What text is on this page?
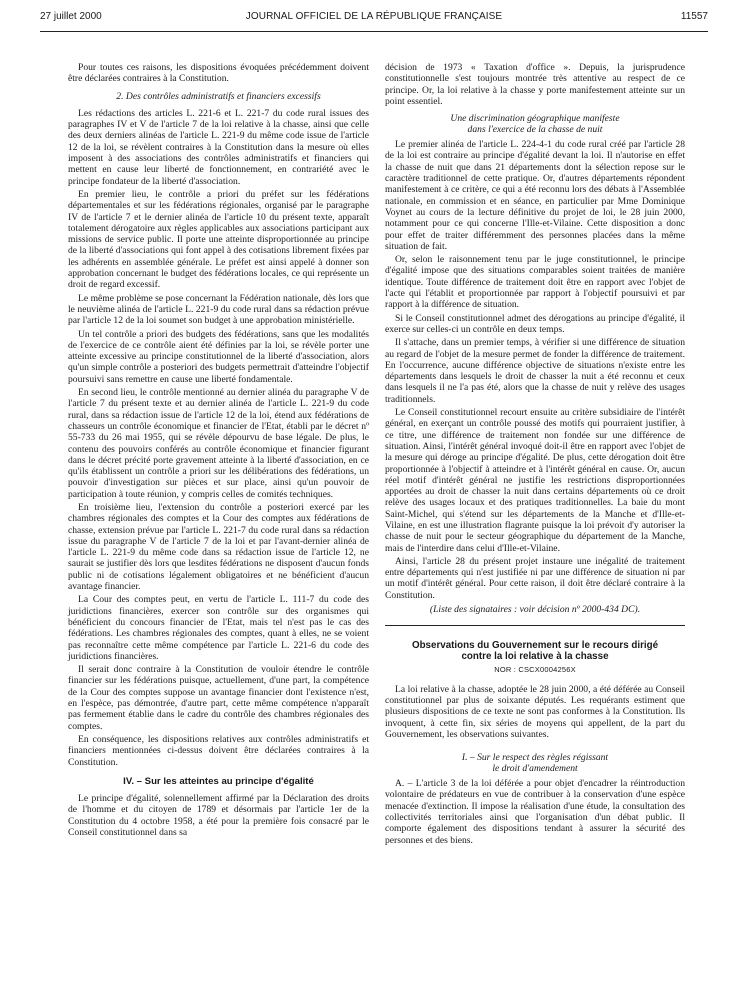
27 juillet 2000	JOURNAL OFFICIEL DE LA RÉPUBLIQUE FRANÇAISE	11557

Pour toutes ces raisons, les dispositions évoquées précédemment doivent être déclarées contraires à la Constitution.

2. Des contrôles administratifs et financiers excessifs

Les rédactions des articles L. 221-6 et L. 221-7 du code rural issues des paragraphes IV et V de l'article 7 de la loi relative à la chasse, ainsi que celle des deux derniers alinéas de l'article L. 221-9 du même code issue de l'article 12 de la loi, se révèlent contraires à la Constitution dans la mesure où elles imposent à des associations des contrôles administratifs et financiers qui mettent en cause leur liberté de fonctionnement, en contrariété avec le principe fondateur de la liberté d'association.

En premier lieu, le contrôle a priori du préfet sur les fédérations départementales et sur les fédérations régionales, organisé par le paragraphe IV de l'article 7 et le dernier alinéa de l'article 10 du présent texte, apparaît totalement dérogatoire aux règles applicables aux associations participant aux missions de service public. Il porte une atteinte disproportionnée au principe de la liberté d'associations qui font appel à des cotisations librement fixées par les adhérents en assemblée générale. Le préfet est ainsi appelé à donner son approbation concernant le budget des fédérations locales, ce qui représente un droit de regard excessif.

Le même problème se pose concernant la Fédération nationale, dès lors que le neuvième alinéa de l'article L. 221-9 du code rural dans sa rédaction prévue par l'article 12 de la loi soumet son budget à une approbation ministérielle.

Un tel contrôle a priori des budgets des fédérations, sans que les modalités de l'exercice de ce contrôle aient été définies par la loi, se révèle porter une atteinte excessive au principe constitutionnel de la liberté d'association, alors qu'un simple contrôle a posteriori des budgets permettrait d'atteindre l'objectif poursuivi sans remettre en cause une liberté fondamentale.

En second lieu, le contrôle mentionné au dernier alinéa du paragraphe V de l'article 7 du présent texte et au dernier alinéa de l'article L. 221-9 du code rural, dans sa rédaction issue de l'article 12 de la loi, étend aux fédérations de chasseurs un contrôle économique et financier de l'Etat, établi par le décret nº 55-733 du 26 mai 1955, qui se révèle dépourvu de base légale. De plus, le contenu des pouvoirs conférés au contrôle économique et financier figurant dans le décret précité porte gravement atteinte à la liberté d'association, en ce qu'ils établissent un contrôle a priori sur les délibérations des fédérations, un pouvoir d'investigation sur pièces et sur place, ainsi qu'un pouvoir de participation à toute réunion, y compris celles de comités techniques.

En troisième lieu, l'extension du contrôle a posteriori exercé par les chambres régionales des comptes et la Cour des comptes aux fédérations de chasse, extension prévue par l'article L. 221-7 du code rural dans sa rédaction issue du paragraphe V de l'article 7 de la loi et par l'avant-dernier alinéa de l'article L. 221-9 du même code dans sa rédaction issue de l'article 12, ne saurait se justifier dès lors que lesdites fédérations ne disposent d'aucun fonds public ni de cotisations légalement obligatoires et ne bénéficient d'aucun avantage financier.

La Cour des comptes peut, en vertu de l'article L. 111-7 du code des juridictions financières, exercer son contrôle sur des organismes qui bénéficient du concours financier de l'Etat, mais tel n'est pas le cas des fédérations. Les chambres régionales des comptes, quant à elles, ne se voient pas reconnaître cette même compétence par l'article L. 221-6 du code des juridictions financières.

Il serait donc contraire à la Constitution de vouloir étendre le contrôle financier sur les fédérations puisque, actuellement, d'une part, la compétence de la Cour des comptes suppose un avantage financier dont l'existence n'est, en l'espèce, pas démontrée, d'autre part, cette même compétence n'apparaît pas fermement établie dans le cadre du contrôle des chambres régionales des comptes.

En conséquence, les dispositions relatives aux contrôles administratifs et financiers mentionnées ci-dessus doivent être déclarées contraires à la Constitution.

IV. – Sur les atteintes au principe d'égalité

Le principe d'égalité, solennellement affirmé par la Déclaration des droits de l'homme et du citoyen de 1789 et désormais par l'article 1er de la Constitution du 4 octobre 1958, a été pour la première fois consacré par le Conseil constitutionnel dans sa

décision de 1973 « Taxation d'office ». Depuis, la jurisprudence constitutionnelle s'est toujours montrée très attentive au respect de ce principe. Or, la loi relative à la chasse y porte manifestement atteinte sur un point essentiel.

Une discrimination géographique manifeste
dans l'exercice de la chasse de nuit

Le premier alinéa de l'article L. 224-4-1 du code rural créé par l'article 28 de la loi est contraire au principe d'égalité devant la loi. Il n'autorise en effet la chasse de nuit que dans 21 départements dont la sélection repose sur le caractère traditionnel de cette pratique. Or, d'autres départements répondent manifestement à ce critère, ce qui a été reconnu lors des débats à l'Assemblée nationale, en commission et en séance, en particulier par Mme Dominique Voynet au cours de la lecture définitive du projet de loi, le 28 juin 2000, notamment pour ce qui concerne l'Ille-et-Vilaine. Cette disposition a donc pour effet de traiter différemment des personnes placées dans la même situation de fait.

Or, selon le raisonnement tenu par le juge constitutionnel, le principe d'égalité impose que des situations comparables soient traitées de manière identique. Toute différence de traitement doit être en rapport avec l'objet de l'acte qui l'établit et proportionnée par rapport à l'objectif poursuivi et par rapport à la différence de situation.

Si le Conseil constitutionnel admet des dérogations au principe d'égalité, il exerce sur celles-ci un contrôle en deux temps.

Il s'attache, dans un premier temps, à vérifier si une différence de situation au regard de l'objet de la mesure permet de fonder la différence de traitement. En l'occurrence, aucune différence objective de situations n'existe entre les départements dans lesquels le droit de chasser la nuit a été reconnu et ceux dans lesquels il ne l'a pas été, alors que la chasse de nuit y relève des usages traditionnels.

Le Conseil constitutionnel recourt ensuite au critère subsidiaire de l'intérêt général, en exerçant un contrôle poussé des motifs qui pourraient justifier, à ce titre, une différence de traitement non fondée sur une différence de situation. Ainsi, l'intérêt général invoqué doit-il être en rapport avec l'objet de la mesure qui déroge au principe d'égalité. De plus, cette dérogation doit être proportionnée à l'objectif à atteindre et à l'intérêt général en cause. Or, aucun réel motif d'intérêt général ne justifie les restrictions disproportionnées apportées au droit de chasser la nuit dans certains départements où ce droit relève des usages locaux et des pratiques traditionnelles. La baie du mont Saint-Michel, qui s'étend sur les départements de la Manche et d'Ille-et-Vilaine, en est une illustration flagrante puisque la loi prévoit d'y autoriser la chasse de nuit pour le secteur géographique du département de la Manche, mais de l'interdire dans celui d'Ille-et-Vilaine.

Ainsi, l'article 28 du présent projet instaure une inégalité de traitement entre départements qui n'est justifiée ni par une différence de situation ni par un motif d'intérêt général. Pour cette raison, il doit être déclaré contraire à la Constitution.

(Liste des signataires : voir décision nº 2000-434 DC).
Observations du Gouvernement sur le recours dirigé
contre la loi relative à la chasse
NOR : CSCX0004256X

La loi relative à la chasse, adoptée le 28 juin 2000, a été déférée au Conseil constitutionnel par plus de soixante députés. Les requérants estiment que plusieurs dispositions de ce texte ne sont pas conformes à la Constitution. Ils invoquent, à cette fin, six séries de moyens qui appellent, de la part du Gouvernement, les observations suivantes.

I. – Sur le respect des règles régissant
le droit d'amendement

A. – L'article 3 de la loi déférée a pour objet d'encadrer la réintroduction volontaire de prédateurs en vue de contribuer à la conservation d'une espèce menacée d'extinction. Il impose la réalisation d'une étude, la consultation des collectivités territoriales ainsi que l'organisation d'un débat public. Il comporte également des dispositions tendant à assurer la sécurité des personnes et des biens.
